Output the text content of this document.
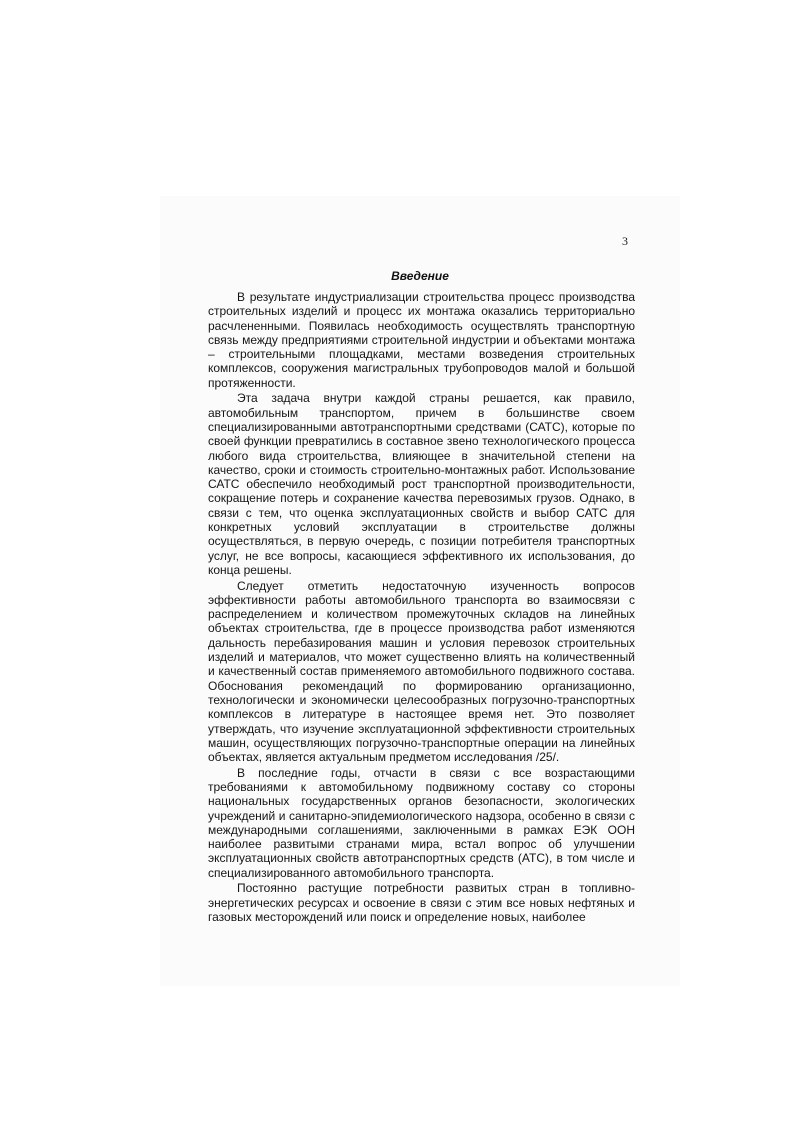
3
Введение

В результате индустриализации строительства процесс производства строительных изделий и процесс их монтажа оказались территориально расчлененными. Появилась необходимость осуществлять транспортную связь между предприятиями строительной индустрии и объектами монтажа – строительными площадками, местами возведения строительных комплексов, сооружения магистральных трубопроводов малой и большой протяженности.

Эта задача внутри каждой страны решается, как правило, автомобильным транспортом, причем в большинстве своем специализированными автотранспортными средствами (САТС), которые по своей функции превратились в составное звено технологического процесса любого вида строительства, влияющее в значительной степени на качество, сроки и стоимость строительно-монтажных работ. Использование САТС обеспечило необходимый рост транспортной производительности, сокращение потерь и сохранение качества перевозимых грузов. Однако, в связи с тем, что оценка эксплуатационных свойств и выбор САТС для конкретных условий эксплуатации в строительстве должны осуществляться, в первую очередь, с позиции потребителя транспортных услуг, не все вопросы, касающиеся эффективного их использования, до конца решены.

Следует отметить недостаточную изученность вопросов эффективности работы автомобильного транспорта во взаимосвязи с распределением и количеством промежуточных складов на линейных объектах строительства, где в процессе производства работ изменяются дальность перебазирования машин и условия перевозок строительных изделий и материалов, что может существенно влиять на количественный и качественный состав применяемого автомобильного подвижного состава. Обоснования рекомендаций по формированию организационно, технологически и экономически целесообразных погрузочно-транспортных комплексов в литературе в настоящее время нет. Это позволяет утверждать, что изучение эксплуатационной эффективности строительных машин, осуществляющих погрузочно-транспортные операции на линейных объектах, является актуальным предметом исследования /25/.

В последние годы, отчасти в связи с все возрастающими требованиями к автомобильному подвижному составу со стороны национальных государственных органов безопасности, экологических учреждений и санитарно-эпидемиологического надзора, особенно в связи с международными соглашениями, заключенными в рамках ЕЭК ООН наиболее развитыми странами мира, встал вопрос об улучшении эксплуатационных свойств автотранспортных средств (АТС), в том числе и специализированного автомобильного транспорта.

Постоянно растущие потребности развитых стран в топливно-энергетических ресурсах и освоение в связи с этим все новых нефтяных и газовых месторождений или поиск и определение новых, наиболее
